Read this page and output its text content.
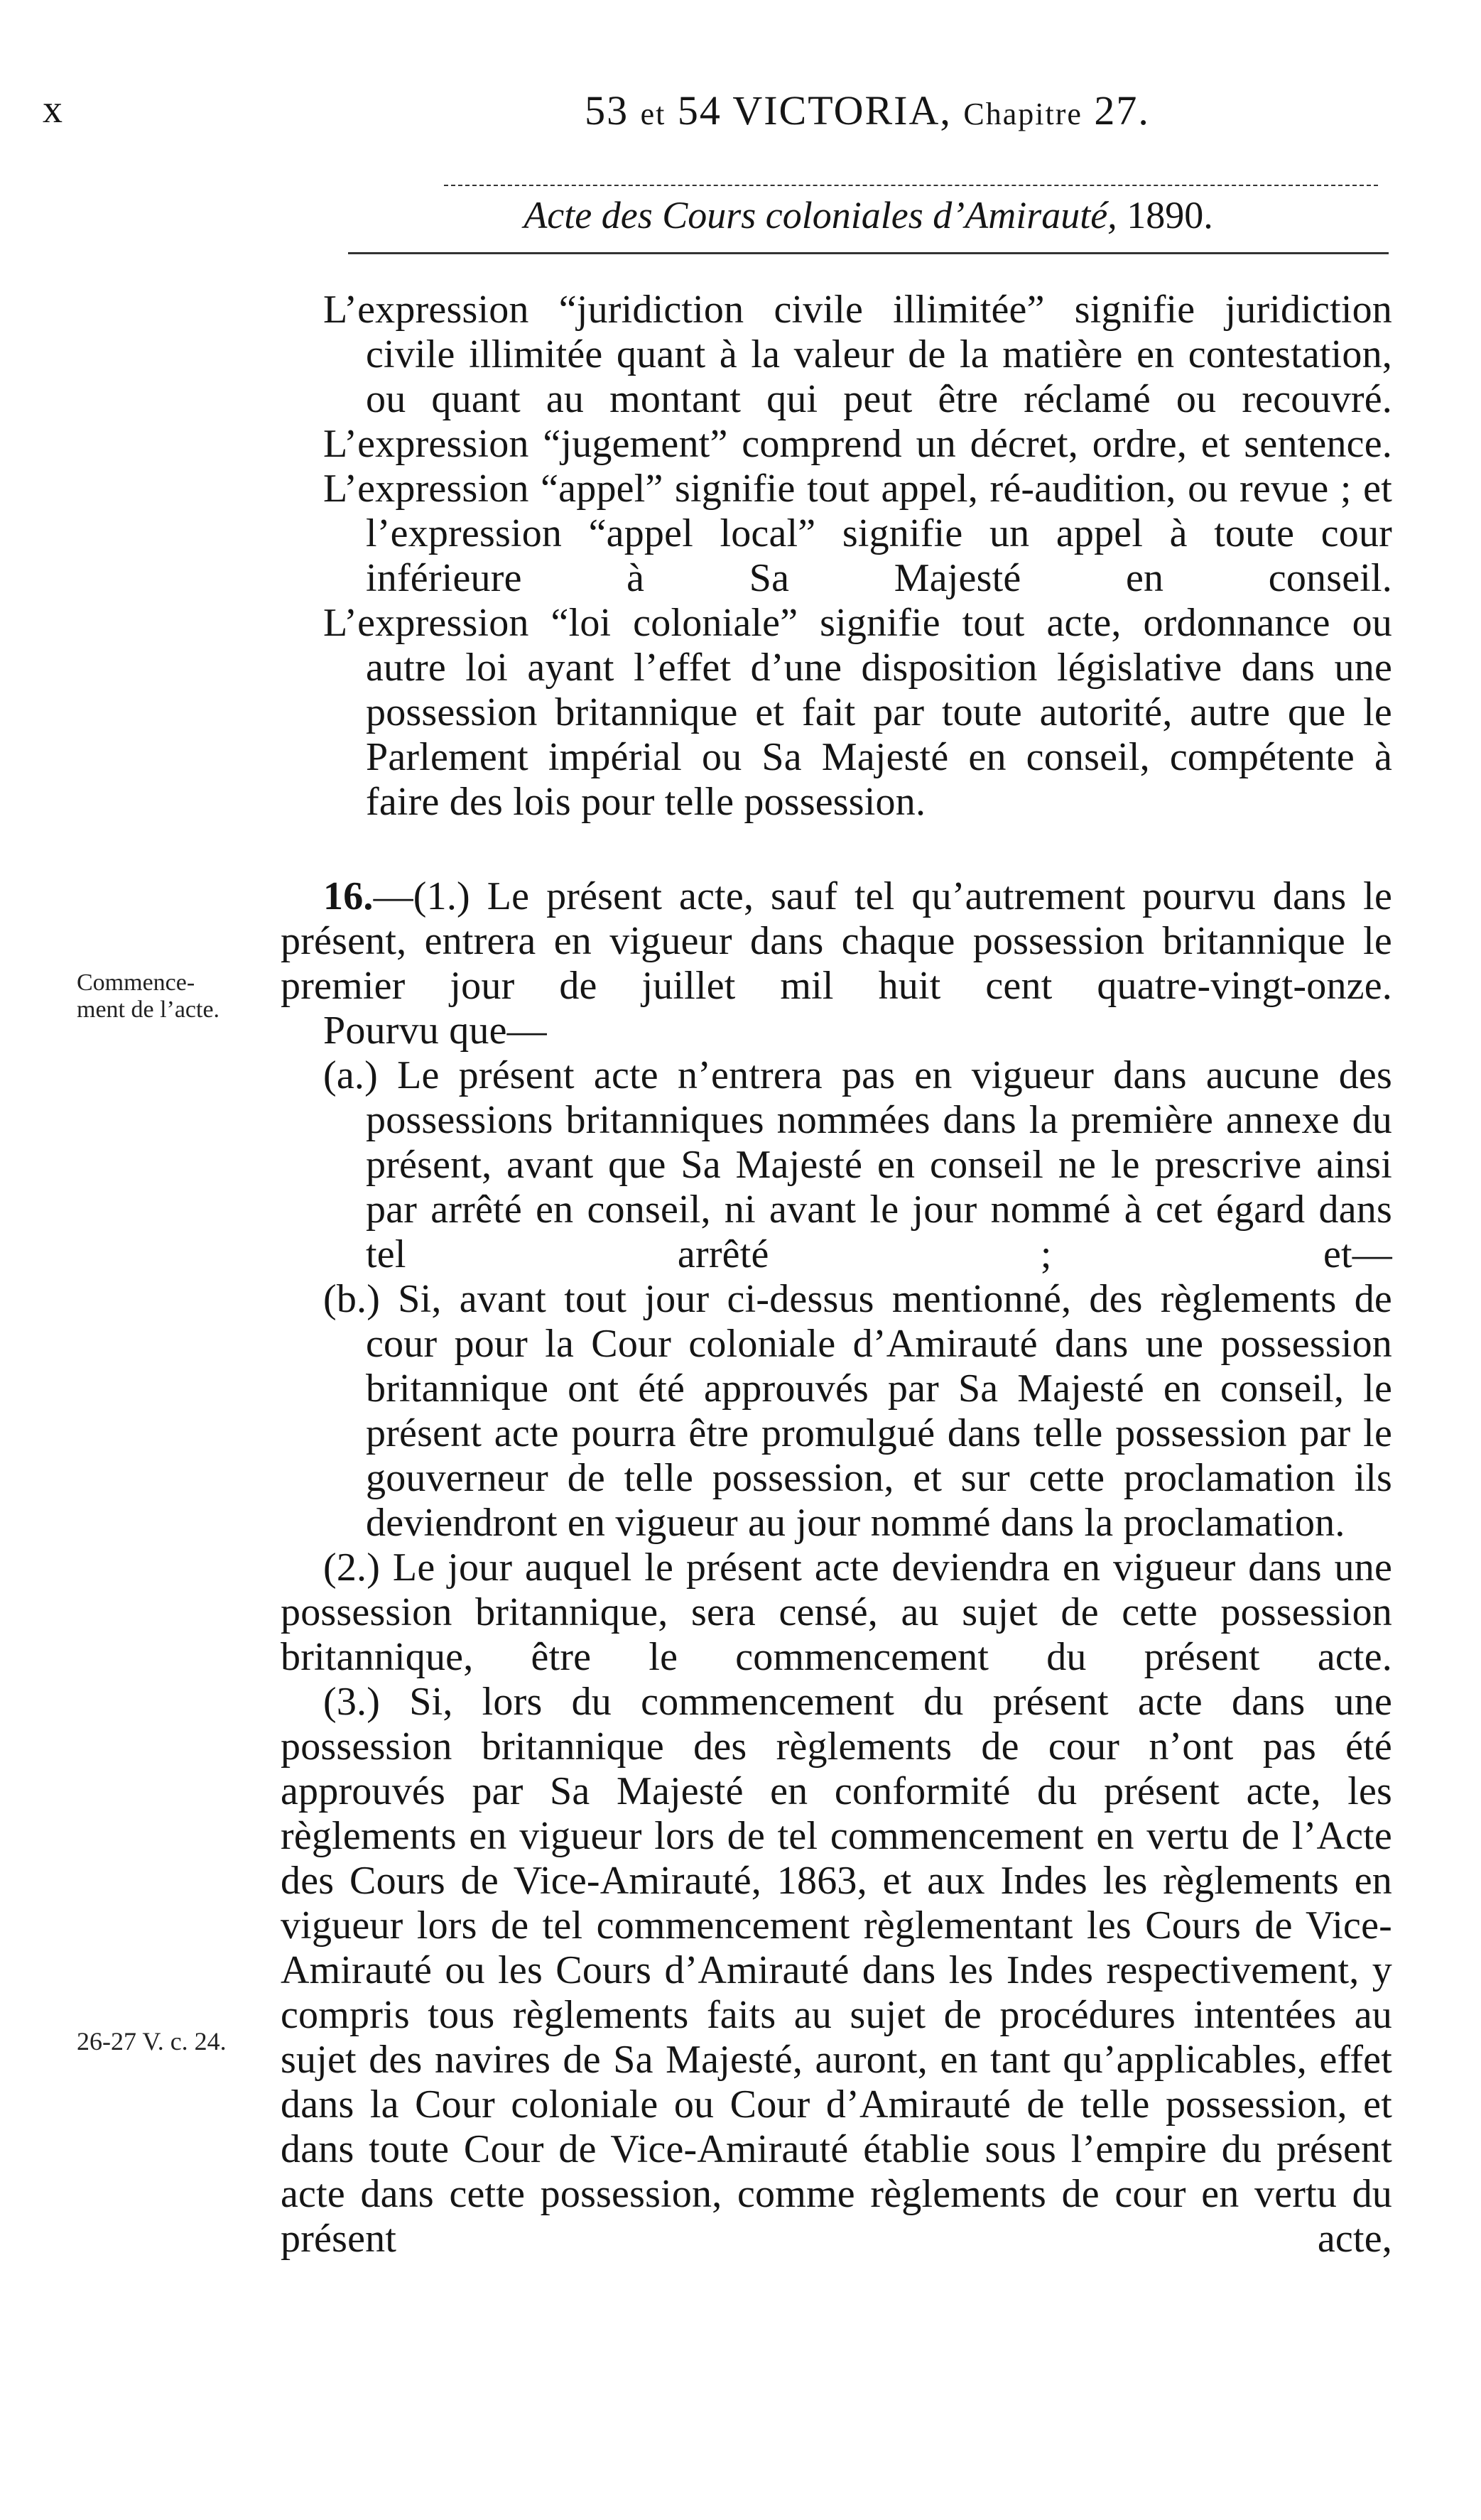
x	53 et 54 VICTORIA, Chapitre 27.
Acte des Cours coloniales d’Amirauté, 1890.
Commence-
ment de l’acte.
26-27 V. c. 24.

L’expression “juridiction civile illimitée” signifie juridiction civile illimitée quant à la valeur de la matière en contestation, ou quant au montant qui peut être réclamé ou recouvré.

L’expression “jugement” comprend un décret, ordre, et sentence.

L’expression “appel” signifie tout appel, ré-audition, ou revue ; et l’expression “appel local” signifie un appel à toute cour inférieure à Sa Majesté en conseil.

L’expression “loi coloniale” signifie tout acte, ordonnance ou autre loi ayant l’effet d’une disposition législative dans une possession britannique et fait par toute autorité, autre que le Parlement impérial ou Sa Majesté en conseil, compétente à faire des lois pour telle possession.

16.—(1.) Le présent acte, sauf tel qu’autrement pourvu dans le présent, entrera en vigueur dans chaque possession britannique le premier jour de juillet mil huit cent quatre-vingt-onze.

Pourvu que—

(a.) Le présent acte n’entrera pas en vigueur dans aucune des possessions britanniques nommées dans la première annexe du présent, avant que Sa Majesté en conseil ne le prescrive ainsi par arrêté en conseil, ni avant le jour nommé à cet égard dans tel arrêté ; et—

(b.) Si, avant tout jour ci-dessus mentionné, des règlements de cour pour la Cour coloniale d’Amirauté dans une possession britannique ont été approuvés par Sa Majesté en conseil, le présent acte pourra être promulgué dans telle possession par le gouverneur de telle possession, et sur cette proclamation ils deviendront en vigueur au jour nommé dans la proclamation.

(2.) Le jour auquel le présent acte deviendra en vigueur dans une possession britannique, sera censé, au sujet de cette possession britannique, être le commencement du présent acte.

(3.) Si, lors du commencement du présent acte dans une possession britannique des règlements de cour n’ont pas été approuvés par Sa Majesté en conformité du présent acte, les règlements en vigueur lors de tel commencement en vertu de l’Acte des Cours de Vice-Amirauté, 1863, et aux Indes les règlements en vigueur lors de tel commencement règlementant les Cours de Vice-Amirauté ou les Cours d’Amirauté dans les Indes respectivement, y compris tous règlements faits au sujet de procédures intentées au sujet des navires de Sa Majesté, auront, en tant qu’applicables, effet dans la Cour coloniale ou Cour d’Amirauté de telle possession, et dans toute Cour de Vice-Amirauté établie sous l’empire du présent acte dans cette possession, comme règlements de cour en vertu du présent acte,
